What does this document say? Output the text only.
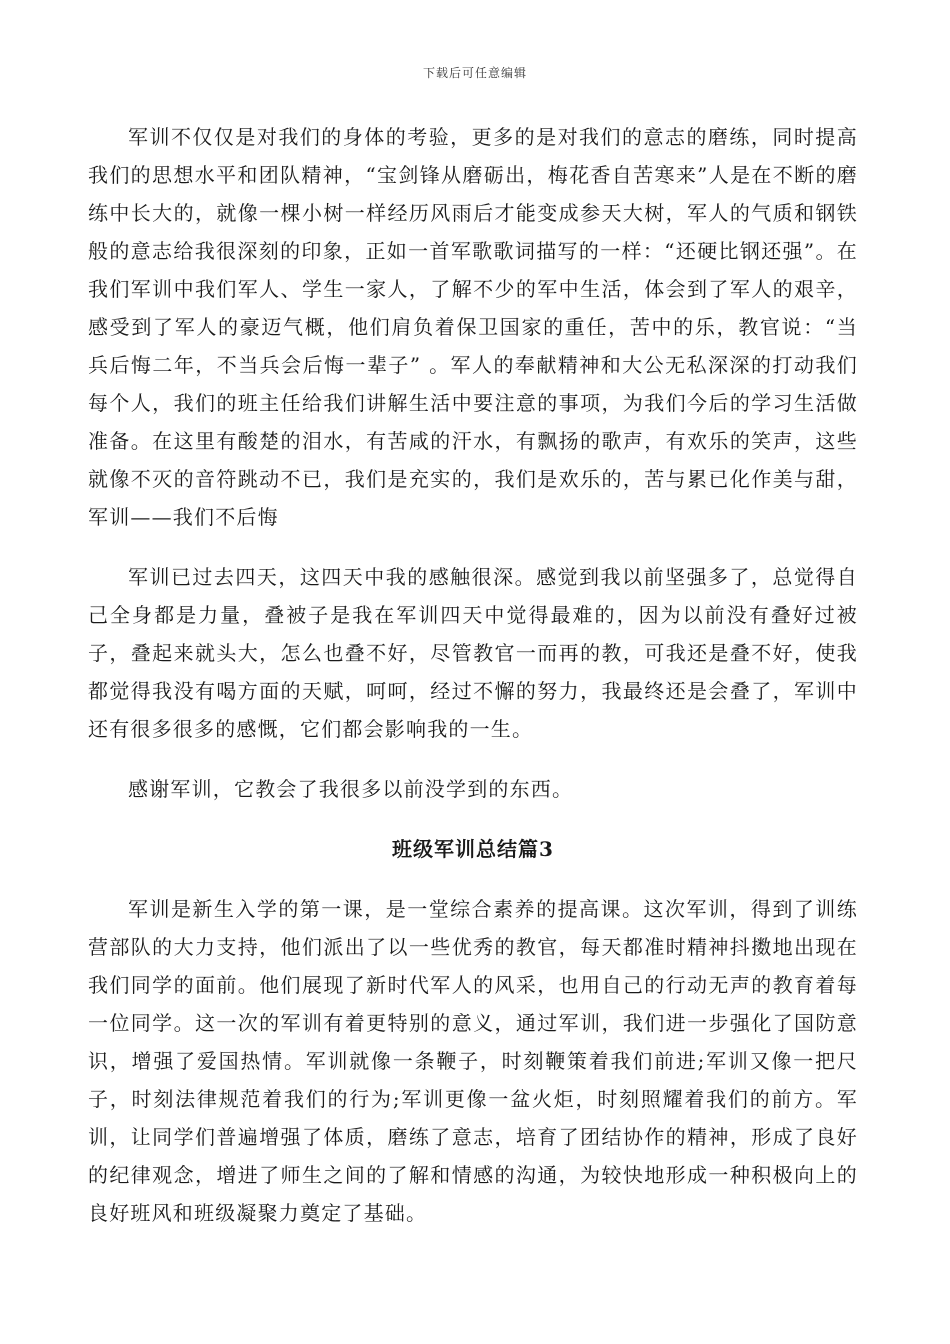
下载后可任意编辑

军训不仅仅是对我们的身体的考验，更多的是对我们的意志的磨练，同时提高我们的思想水平和团队精神，“宝剑锋从磨砺出，梅花香自苦寒来”人是在不断的磨练中长大的，就像一棵小树一样经历风雨后才能变成参天大树，军人的气质和钢铁般的意志给我很深刻的印象，正如一首军歌歌词描写的一样：“还硬比钢还强”。在我们军训中我们军人、学生一家人，了解不少的军中生活，体会到了军人的艰辛，感受到了军人的豪迈气概，他们肩负着保卫国家的重任，苦中的乐，教官说：“当兵后悔二年，不当兵会后悔一辈子” 。军人的奉献精神和大公无私深深的打动我们每个人，我们的班主任给我们讲解生活中要注意的事项，为我们今后的学习生活做准备。在这里有酸楚的泪水，有苦咸的汗水，有飘扬的歌声，有欢乐的笑声，这些就像不灭的音符跳动不已，我们是充实的，我们是欢乐的，苦与累已化作美与甜，军训——我们不后悔

军训已过去四天，这四天中我的感触很深。感觉到我以前坚强多了，总觉得自己全身都是力量，叠被子是我在军训四天中觉得最难的，因为以前没有叠好过被子，叠起来就头大，怎么也叠不好，尽管教官一而再的教，可我还是叠不好，使我都觉得我没有喝方面的天赋，呵呵，经过不懈的努力，我最终还是会叠了，军训中还有很多很多的感慨，它们都会影响我的一生。

感谢军训，它教会了我很多以前没学到的东西。

班级军训总结篇3

军训是新生入学的第一课，是一堂综合素养的提高课。这次军训，得到了训练营部队的大力支持，他们派出了以一些优秀的教官，每天都准时精神抖擞地出现在我们同学的面前。他们展现了新时代军人的风采，也用自己的行动无声的教育着每一位同学。这一次的军训有着更特别的意义，通过军训，我们进一步强化了国防意识，增强了爱国热情。军训就像一条鞭子，时刻鞭策着我们前进;军训又像一把尺子，时刻法律规范着我们的行为;军训更像一盆火炬，时刻照耀着我们的前方。军训，让同学们普遍增强了体质，磨练了意志，培育了团结协作的精神，形成了良好的纪律观念，增进了师生之间的了解和情感的沟通，为较快地形成一种积极向上的良好班风和班级凝聚力奠定了基础。
